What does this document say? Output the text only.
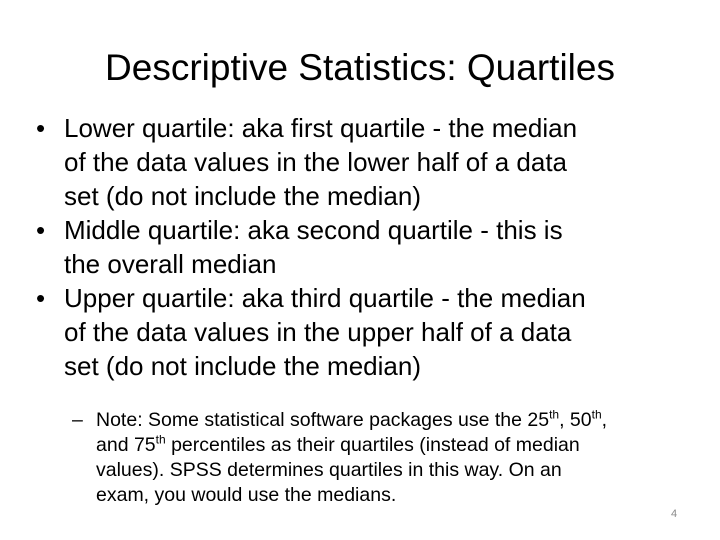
Descriptive Statistics: Quartiles
• Lower quartile: aka first quartile - the median
of the data values in the lower half of a data
set (do not include the median)
• Middle quartile: aka second quartile - this is
the overall median
• Upper quartile: aka third quartile - the median
of the data values in the upper half of a data
set (do not include the median)
– Note: Some statistical software packages use the 25th, 50th,
and 75th percentiles as their quartiles (instead of median
values). SPSS determines quartiles in this way. On an
exam, you would use the medians.
4
